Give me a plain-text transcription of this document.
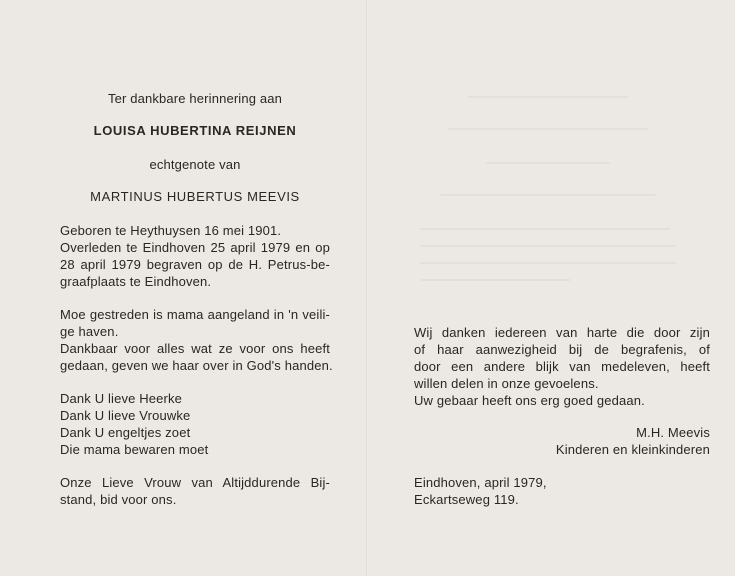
Ter dankbare herinnering aan
LOUISA HUBERTINA REIJNEN
echtgenote van
MARTINUS HUBERTUS MEEVIS
Geboren te Heythuysen 16 mei 1901.
Overleden te Eindhoven 25 april 1979 en op
28 april 1979 begraven op de H. Petrus-be-
graafplaats te Eindhoven.
Moe gestreden is mama aangeland in 'n veili-
ge haven.
Dankbaar voor alles wat ze voor ons heeft
gedaan, geven we haar over in God's handen.
Dank U lieve Heerke
Dank U lieve Vrouwke
Dank U engeltjes zoet
Die mama bewaren moet
Onze Lieve Vrouw van Altijddurende Bij-
stand, bid voor ons.
Wij danken iedereen van harte die door zijn
of haar aanwezigheid bij de begrafenis, of
door een andere blijk van medeleven, heeft
willen delen in onze gevoelens.
Uw gebaar heeft ons erg goed gedaan.
M.H. Meevis
Kinderen en kleinkinderen
Eindhoven, april 1979,
Eckartseweg 119.
